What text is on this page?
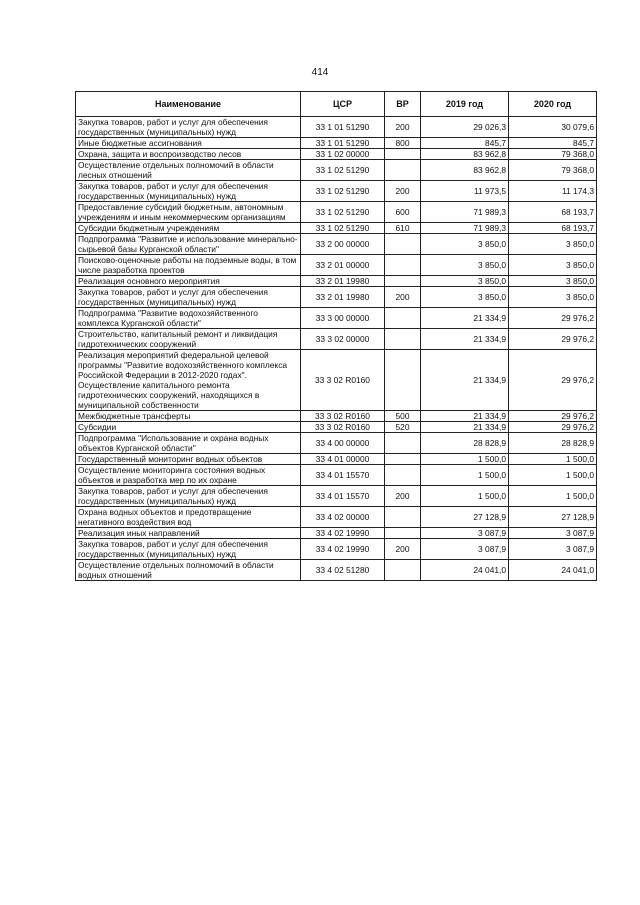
414
Наименование	ЦСР	ВР	2019 год	2020 год
Закупка товаров, работ и услуг для обеспечения государственных (муниципальных) нужд	33 1 01 51290	200	29 026,3	30 079,6
Иные бюджетные ассигнования	33 1 01 51290	800	845,7	845,7
Охрана, защита и воспроизводство лесов	33 1 02 00000		83 962,8	79 368,0
Осуществление отдельных полномочий в области лесных отношений	33 1 02 51290		83 962,8	79 368,0
Закупка товаров, работ и услуг для обеспечения государственных (муниципальных) нужд	33 1 02 51290	200	11 973,5	11 174,3
Предоставление субсидий бюджетным, автономным учреждениям и иным некоммерческим организациям	33 1 02 51290	600	71 989,3	68 193,7
Субсидии бюджетным учреждениям	33 1 02 51290	610	71 989,3	68 193,7
Подпрограмма "Развитие и использование минерально-сырьевой базы Курганской области"	33 2 00 00000		3 850,0	3 850,0
Поисково-оценочные работы на подземные воды, в том числе разработка проектов	33 2 01 00000		3 850,0	3 850,0
Реализация основного мероприятия	33 2 01 19980		3 850,0	3 850,0
Закупка товаров, работ и услуг для обеспечения государственных (муниципальных) нужд	33 2 01 19980	200	3 850,0	3 850,0
Подпрограмма "Развитие водохозяйственного комплекса Курганской области"	33 3 00 00000		21 334,9	29 976,2
Строительство, капитальный ремонт и ликвидация гидротехнических сооружений	33 3 02 00000		21 334,9	29 976,2
Реализация мероприятий федеральной целевой программы "Развитие водохозяйственного комплекса Российской Федерации в 2012-2020 годах". Осуществление капитального ремонта гидротехнических сооружений, находящихся в муниципальной собственности	33 3 02 R0160		21 334,9	29 976,2
Межбюджетные трансферты	33 3 02 R0160	500	21 334,9	29 976,2
Субсидии	33 3 02 R0160	520	21 334,9	29 976,2
Подпрограмма "Использование и охрана водных объектов Курганской области"	33 4 00 00000		28 828,9	28 828,9
Государственный мониторинг водных объектов	33 4 01 00000		1 500,0	1 500,0
Осуществление мониторинга состояния водных объектов и разработка мер по их охране	33 4 01 15570		1 500,0	1 500,0
Закупка товаров, работ и услуг для обеспечения государственных (муниципальных) нужд	33 4 01 15570	200	1 500,0	1 500,0
Охрана водных объектов и предотвращение негативного воздействия вод	33 4 02 00000		27 128,9	27 128,9
Реализация иных направлений	33 4 02 19990		3 087,9	3 087,9
Закупка товаров, работ и услуг для обеспечения государственных (муниципальных) нужд	33 4 02 19990	200	3 087,9	3 087,9
Осуществление отдельных полномочий в области водных отношений	33 4 02 51280		24 041,0	24 041,0
